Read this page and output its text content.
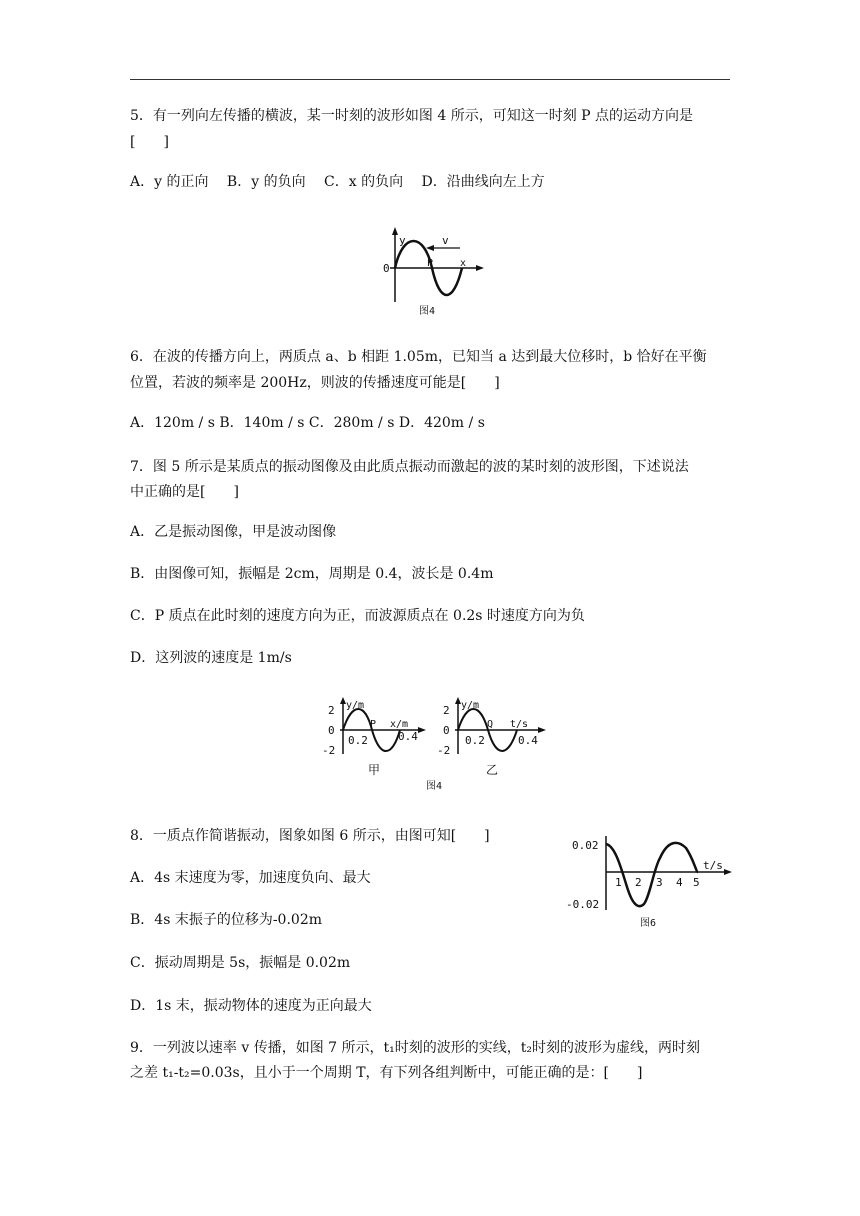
5．有一列向左传播的横波，某一时刻的波形如图 4 所示，可知这一时刻 P 点的运动方向是
[　　]
A．y 的正向　 B．y 的负向　 C．x 的负向　 D．沿曲线向左上方
y	v
0	P	x
图4
6．在波的传播方向上，两质点 a、b 相距 1.05m，已知当 a 达到最大位移时，b 恰好在平衡
位置，若波的频率是 200Hz，则波的传播速度可能是[　　]
A．120m / s B．140m / s C．280m / s D．420m / s
7．图 5 所示是某质点的振动图像及由此质点振动而激起的波的某时刻的波形图，下述说法
中正确的是[　　]
A．乙是振动图像，甲是波动图像
B．由图像可知，振幅是 2cm，周期是 0.4，波长是 0.4m
C．P 质点在此时刻的速度方向为正，而波源质点在 0.2s 时速度方向为负
D．这列波的速度是 1m/s
y/m
P x/m
2
0
-2
0.2	0.4
甲
y/m
Q t/s
2
0
-2
0.2	0.4
乙
图4
8．一质点作简谐振动，图象如图 6 所示，由图可知[　　]
A．4s 末速度为零，加速度负向、最大
B．4s 末振子的位移为-0.02m
C．振动周期是 5s，振幅是 0.02m
D．1s 末，振动物体的速度为正向最大
0.02
-0.02
t/s
1 2 3 4 5
图6
9．一列波以速率 v 传播，如图 7 所示，t₁时刻的波形的实线，t₂时刻的波形为虚线，两时刻
之差 t₁-t₂=0.03s，且小于一个周期 T，有下列各组判断中，可能正确的是：[　　]
